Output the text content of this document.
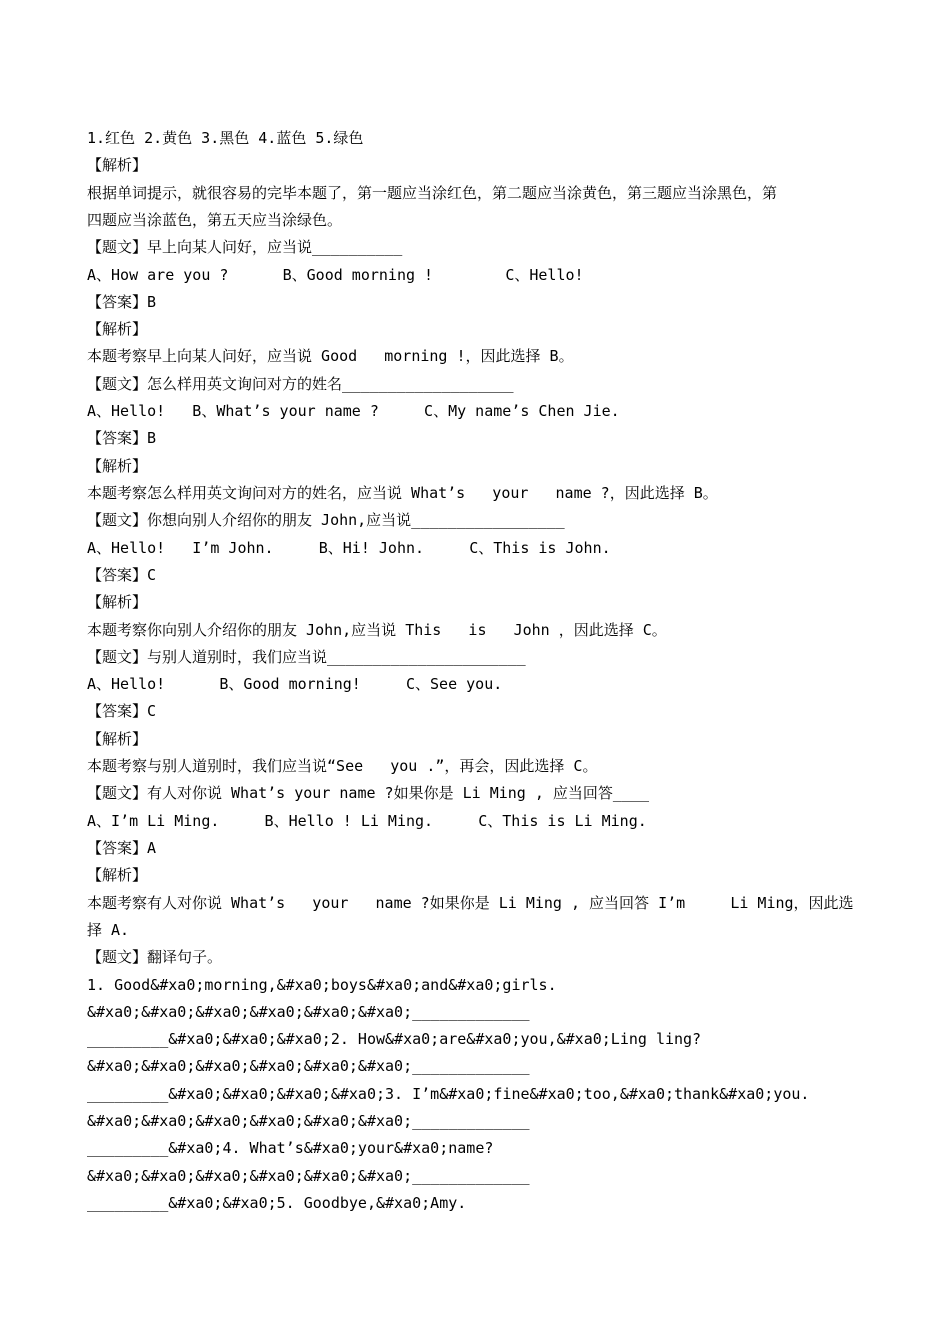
1.红色 2.黄色 3.黑色 4.蓝色 5.绿色
【解析】
根据单词提示，就很容易的完毕本题了，第一题应当涂红色，第二题应当涂黄色，第三题应当涂黑色，第
四题应当涂蓝色，第五天应当涂绿色。
【题文】早上向某人问好，应当说__________
A、How are you ?      B、Good morning !        C、Hello!
【答案】B
【解析】
本题考察早上向某人问好，应当说 Good   morning !，因此选择 B。
【题文】怎么样用英文询问对方的姓名___________________
A、Hello!   B、What’s your name ?     C、My name’s Chen Jie.
【答案】B
【解析】
本题考察怎么样用英文询问对方的姓名，应当说 What’s   your   name ?，因此选择 B。
【题文】你想向别人介绍你的朋友 John,应当说_________________
A、Hello!   I’m John.     B、Hi! John.     C、This is John.
【答案】C
【解析】
本题考察你向别人介绍你的朋友 John,应当说 This   is   John ，因此选择 C。
【题文】与别人道别时，我们应当说______________________
A、Hello!      B、Good morning!     C、See you.
【答案】C
【解析】
本题考察与别人道别时，我们应当说“See   you .”，再会，因此选择 C。
【题文】有人对你说 What’s your name ?如果你是 Li Ming , 应当回答____
A、I’m Li Ming.     B、Hello ! Li Ming.     C、This is Li Ming.
【答案】A
【解析】
本题考察有人对你说 What’s   your   name ?如果你是 Li Ming , 应当回答 I’m     Li Ming，因此选
择 A.
【题文】翻译句子。
1. Good&#xa0;morning,&#xa0;boys&#xa0;and&#xa0;girls.
&#xa0;&#xa0;&#xa0;&#xa0;&#xa0;&#xa0;_____________
_________&#xa0;&#xa0;&#xa0;2. How&#xa0;are&#xa0;you,&#xa0;Ling ling?
&#xa0;&#xa0;&#xa0;&#xa0;&#xa0;&#xa0;_____________
_________&#xa0;&#xa0;&#xa0;&#xa0;3. I’m&#xa0;fine&#xa0;too,&#xa0;thank&#xa0;you.
&#xa0;&#xa0;&#xa0;&#xa0;&#xa0;&#xa0;_____________
_________&#xa0;4. What’s&#xa0;your&#xa0;name?
&#xa0;&#xa0;&#xa0;&#xa0;&#xa0;&#xa0;_____________
_________&#xa0;&#xa0;5. Goodbye,&#xa0;Amy.
